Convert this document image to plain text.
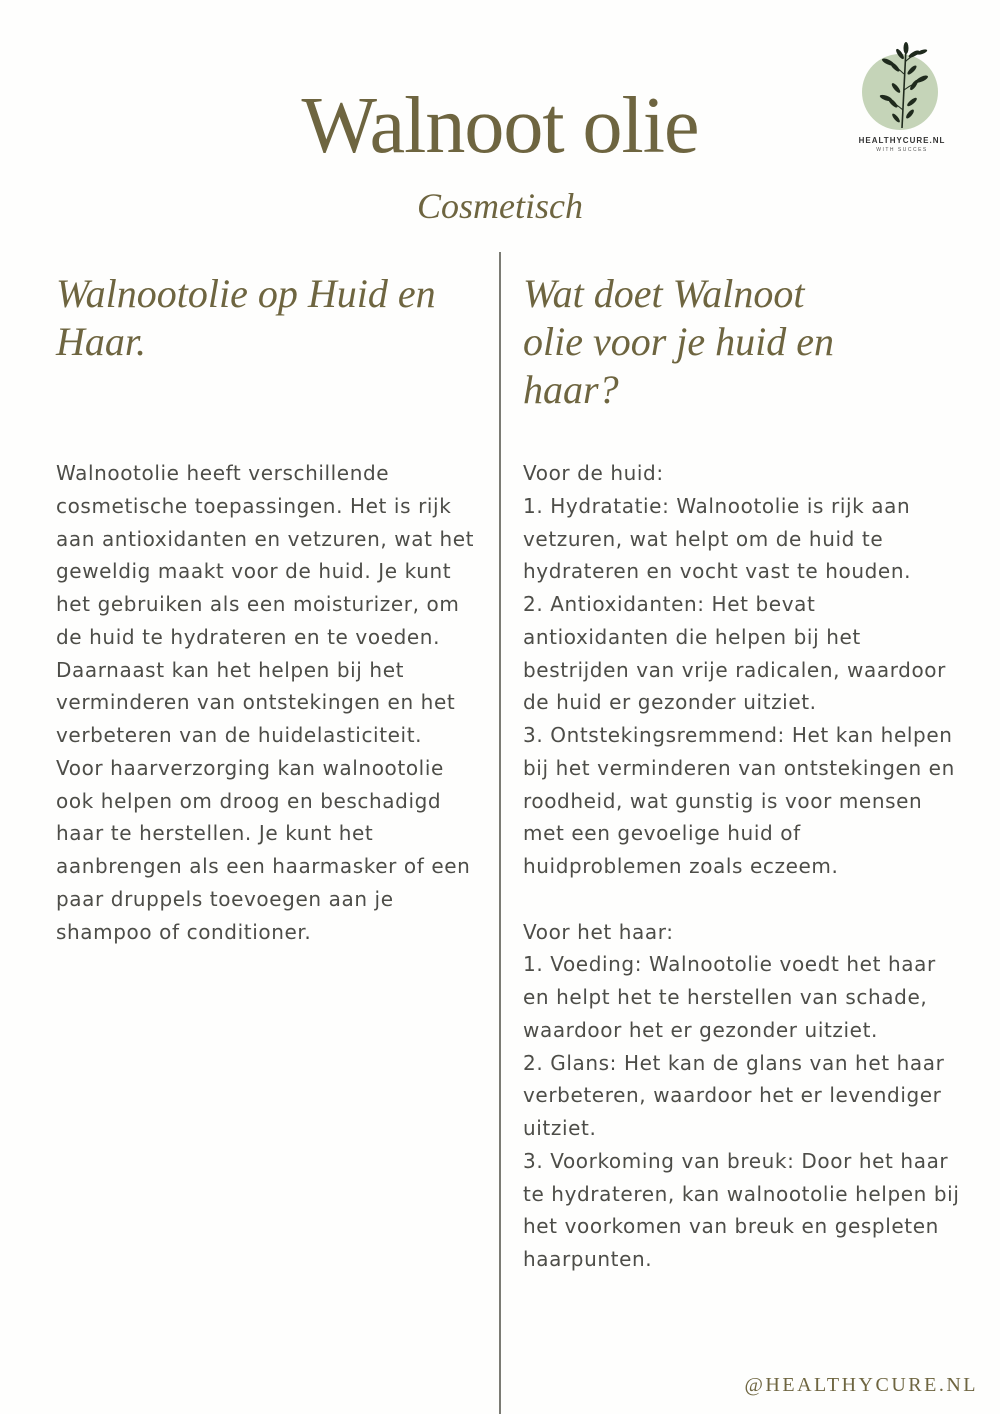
Walnoot olie
Cosmetisch
HEALTHYCURE.NL
WITH SUCCES
Walnootolie op Huid en Haar.

Walnootolie heeft verschillende cosmetische toepassingen. Het is rijk aan antioxidanten en vetzuren, wat het geweldig maakt voor de huid. Je kunt het gebruiken als een moisturizer, om de huid te hydrateren en te voeden. Daarnaast kan het helpen bij het verminderen van ontstekingen en het verbeteren van de huidelasticiteit. Voor haarverzorging kan walnootolie ook helpen om droog en beschadigd haar te herstellen. Je kunt het aanbrengen als een haarmasker of een paar druppels toevoegen aan je shampoo of conditioner.

Wat doet Walnoot olie voor je huid en haar?

Voor de huid:
1. Hydratatie: Walnootolie is rijk aan vetzuren, wat helpt om de huid te hydrateren en vocht vast te houden.
2. Antioxidanten: Het bevat antioxidanten die helpen bij het bestrijden van vrije radicalen, waardoor de huid er gezonder uitziet.
3. Ontstekingsremmend: Het kan helpen bij het verminderen van ontstekingen en roodheid, wat gunstig is voor mensen met een gevoelige huid of huidproblemen zoals eczeem.

Voor het haar:
1. Voeding: Walnootolie voedt het haar en helpt het te herstellen van schade, waardoor het er gezonder uitziet.
2. Glans: Het kan de glans van het haar verbeteren, waardoor het er levendiger uitziet.
3. Voorkoming van breuk: Door het haar te hydrateren, kan walnootolie helpen bij het voorkomen van breuk en gespleten haarpunten.

@HEALTHYCURE.NL
